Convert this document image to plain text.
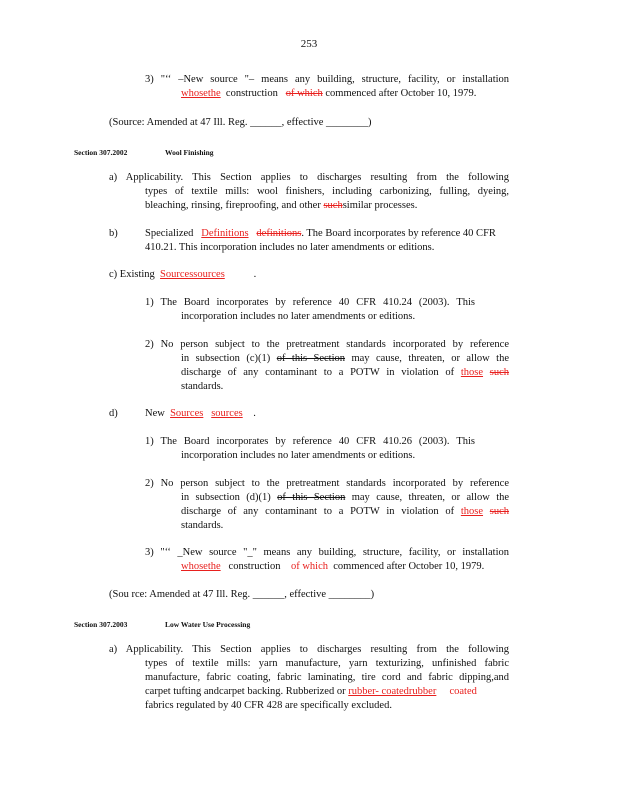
253
3) "‘‘ –New source "– means any building, structure, facility, or installation
whosethe construction of which commenced after October 10, 1979.
(Source: Amended at 47 Ill. Reg. ______, effective ________)
Section 307.2002	Wool Finishing
a) Applicability. This Section applies to discharges resulting from the following
types of textile mills: wool finishers, including carbonizing, fulling, dyeing,
bleaching, rinsing, fireproofing, and other suchsimilar processes.
b)	Specialized Definitions definitions. The Board incorporates by reference 40 CFR
410.21. This incorporation includes no later amendments or editions.
c) Existing Sourcessources	.
1) The Board incorporates by reference 40 CFR 410.24 (2003). This
incorporation includes no later amendments or editions.
2) No person subject to the pretreatment standards incorporated by reference
in subsection (c)(1) of this Section may cause, threaten, or allow the
discharge of any contaminant to a POTW in violation of those such
standards.
d)	New Sources sources .
1) The Board incorporates by reference 40 CFR 410.26 (2003). This
incorporation includes no later amendments or editions.
2) No person subject to the pretreatment standards incorporated by reference
in subsection (d)(1) of this Section may cause, threaten, or allow the
discharge of any contaminant to a POTW in violation of those such
standards.
3) "‘‘ _New source "_" means any building, structure, facility, or installation
whosethe construction of which commenced after October 10, 1979.
(Sou rce: Amended at 47 Ill. Reg. ______, effective ________)
Section 307.2003	Low Water Use Processing
a) Applicability. This Section applies to discharges resulting from the following
types of textile mills: yarn manufacture, yarn texturizing, unfinished fabric
manufacture, fabric coating, fabric laminating, tire cord and fabric dipping,and
carpet tufting andcarpet backing. Rubberized or rubber- coatedrubber coated
fabrics regulated by 40 CFR 428 are specifically excluded.
